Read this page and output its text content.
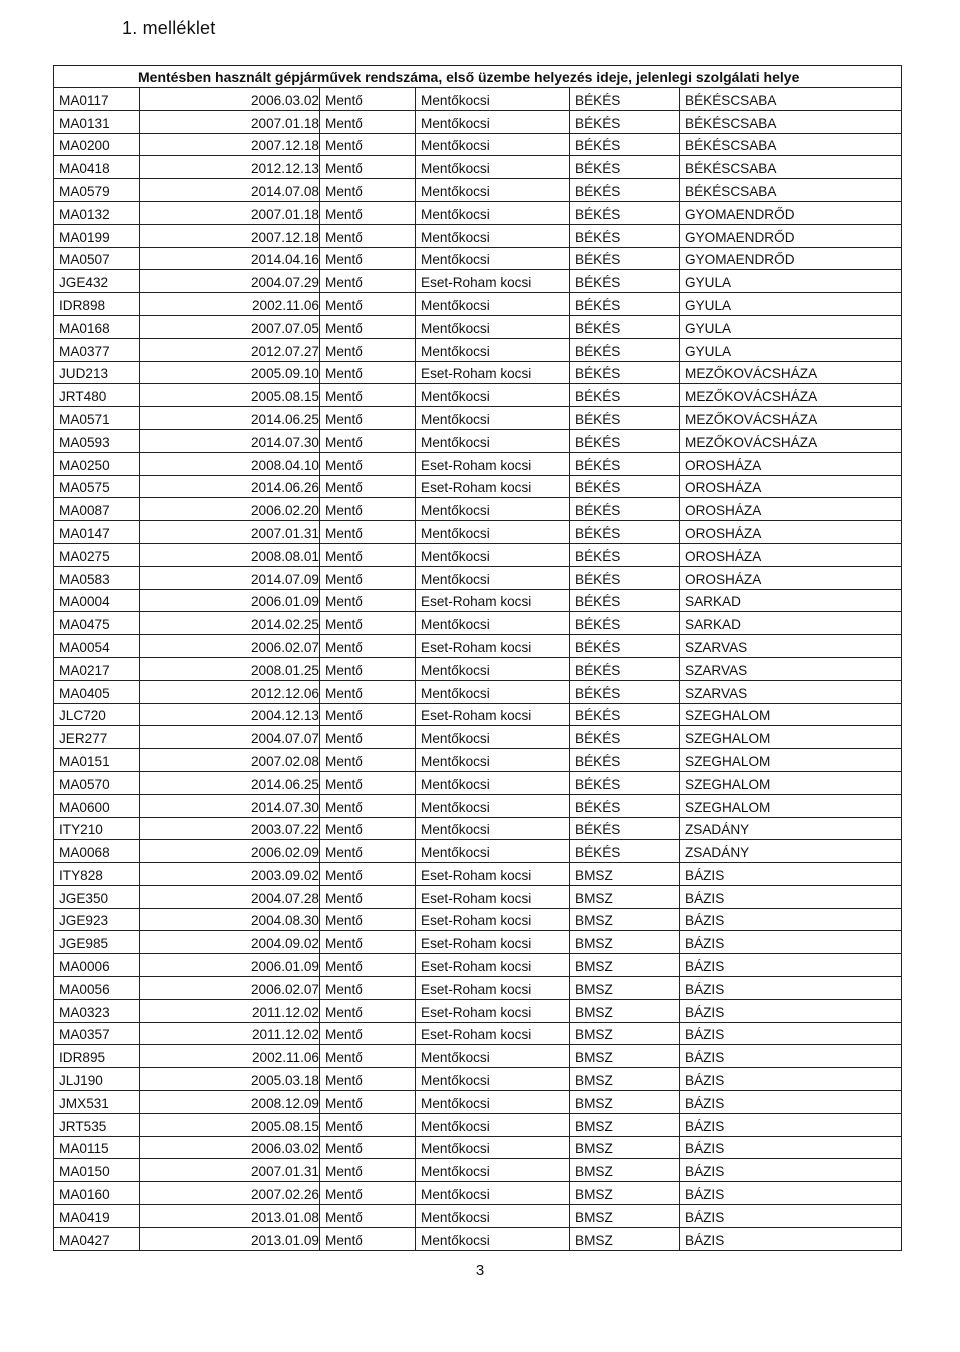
1. melléklet
Mentésben használt gépjárművek rendszáma, első üzembe helyezés ideje, jelenlegi szolgálati helye					
MA0117	2006.03.02	Mentő	Mentőkocsi	BÉKÉS	BÉKÉSCSABA
MA0131	2007.01.18	Mentő	Mentőkocsi	BÉKÉS	BÉKÉSCSABA
MA0200	2007.12.18	Mentő	Mentőkocsi	BÉKÉS	BÉKÉSCSABA
MA0418	2012.12.13	Mentő	Mentőkocsi	BÉKÉS	BÉKÉSCSABA
MA0579	2014.07.08	Mentő	Mentőkocsi	BÉKÉS	BÉKÉSCSABA
MA0132	2007.01.18	Mentő	Mentőkocsi	BÉKÉS	GYOMAENDRŐD
MA0199	2007.12.18	Mentő	Mentőkocsi	BÉKÉS	GYOMAENDRŐD
MA0507	2014.04.16	Mentő	Mentőkocsi	BÉKÉS	GYOMAENDRŐD
JGE432	2004.07.29	Mentő	Eset-Roham kocsi	BÉKÉS	GYULA
IDR898	2002.11.06	Mentő	Mentőkocsi	BÉKÉS	GYULA
MA0168	2007.07.05	Mentő	Mentőkocsi	BÉKÉS	GYULA
MA0377	2012.07.27	Mentő	Mentőkocsi	BÉKÉS	GYULA
JUD213	2005.09.10	Mentő	Eset-Roham kocsi	BÉKÉS	MEZŐKOVÁCSHÁZA
JRT480	2005.08.15	Mentő	Mentőkocsi	BÉKÉS	MEZŐKOVÁCSHÁZA
MA0571	2014.06.25	Mentő	Mentőkocsi	BÉKÉS	MEZŐKOVÁCSHÁZA
MA0593	2014.07.30	Mentő	Mentőkocsi	BÉKÉS	MEZŐKOVÁCSHÁZA
MA0250	2008.04.10	Mentő	Eset-Roham kocsi	BÉKÉS	OROSHÁZA
MA0575	2014.06.26	Mentő	Eset-Roham kocsi	BÉKÉS	OROSHÁZA
MA0087	2006.02.20	Mentő	Mentőkocsi	BÉKÉS	OROSHÁZA
MA0147	2007.01.31	Mentő	Mentőkocsi	BÉKÉS	OROSHÁZA
MA0275	2008.08.01	Mentő	Mentőkocsi	BÉKÉS	OROSHÁZA
MA0583	2014.07.09	Mentő	Mentőkocsi	BÉKÉS	OROSHÁZA
MA0004	2006.01.09	Mentő	Eset-Roham kocsi	BÉKÉS	SARKAD
MA0475	2014.02.25	Mentő	Mentőkocsi	BÉKÉS	SARKAD
MA0054	2006.02.07	Mentő	Eset-Roham kocsi	BÉKÉS	SZARVAS
MA0217	2008.01.25	Mentő	Mentőkocsi	BÉKÉS	SZARVAS
MA0405	2012.12.06	Mentő	Mentőkocsi	BÉKÉS	SZARVAS
JLC720	2004.12.13	Mentő	Eset-Roham kocsi	BÉKÉS	SZEGHALOM
JER277	2004.07.07	Mentő	Mentőkocsi	BÉKÉS	SZEGHALOM
MA0151	2007.02.08	Mentő	Mentőkocsi	BÉKÉS	SZEGHALOM
MA0570	2014.06.25	Mentő	Mentőkocsi	BÉKÉS	SZEGHALOM
MA0600	2014.07.30	Mentő	Mentőkocsi	BÉKÉS	SZEGHALOM
ITY210	2003.07.22	Mentő	Mentőkocsi	BÉKÉS	ZSADÁNY
MA0068	2006.02.09	Mentő	Mentőkocsi	BÉKÉS	ZSADÁNY
ITY828	2003.09.02	Mentő	Eset-Roham kocsi	BMSZ	BÁZIS
JGE350	2004.07.28	Mentő	Eset-Roham kocsi	BMSZ	BÁZIS
JGE923	2004.08.30	Mentő	Eset-Roham kocsi	BMSZ	BÁZIS
JGE985	2004.09.02	Mentő	Eset-Roham kocsi	BMSZ	BÁZIS
MA0006	2006.01.09	Mentő	Eset-Roham kocsi	BMSZ	BÁZIS
MA0056	2006.02.07	Mentő	Eset-Roham kocsi	BMSZ	BÁZIS
MA0323	2011.12.02	Mentő	Eset-Roham kocsi	BMSZ	BÁZIS
MA0357	2011.12.02	Mentő	Eset-Roham kocsi	BMSZ	BÁZIS
IDR895	2002.11.06	Mentő	Mentőkocsi	BMSZ	BÁZIS
JLJ190	2005.03.18	Mentő	Mentőkocsi	BMSZ	BÁZIS
JMX531	2008.12.09	Mentő	Mentőkocsi	BMSZ	BÁZIS
JRT535	2005.08.15	Mentő	Mentőkocsi	BMSZ	BÁZIS
MA0115	2006.03.02	Mentő	Mentőkocsi	BMSZ	BÁZIS
MA0150	2007.01.31	Mentő	Mentőkocsi	BMSZ	BÁZIS
MA0160	2007.02.26	Mentő	Mentőkocsi	BMSZ	BÁZIS
MA0419	2013.01.08	Mentő	Mentőkocsi	BMSZ	BÁZIS
MA0427	2013.01.09	Mentő	Mentőkocsi	BMSZ	BÁZIS
3
